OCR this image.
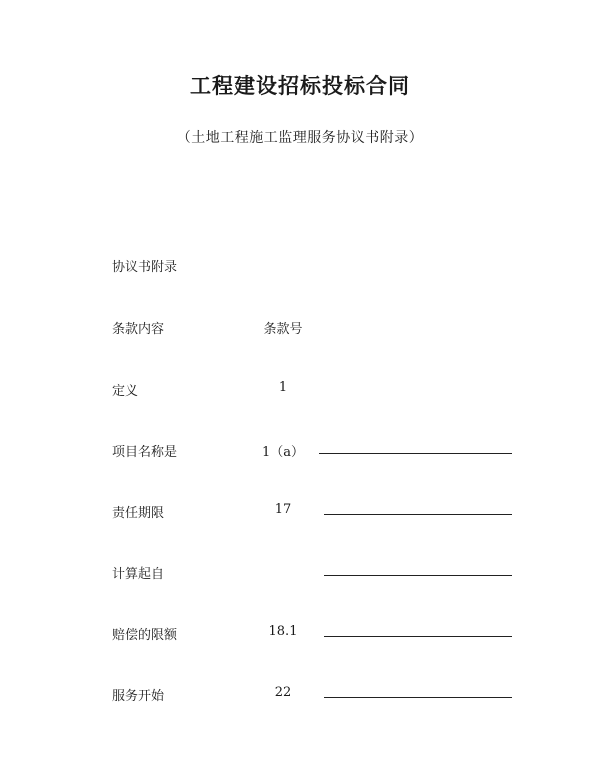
工程建设招标投标合同
（土地工程施工监理服务协议书附录）
协议书附录
条款内容	条款号
定义	1
项目名称是	1（a）
责任期限	17
计算起自
赔偿的限额	18.1
服务开始	22
